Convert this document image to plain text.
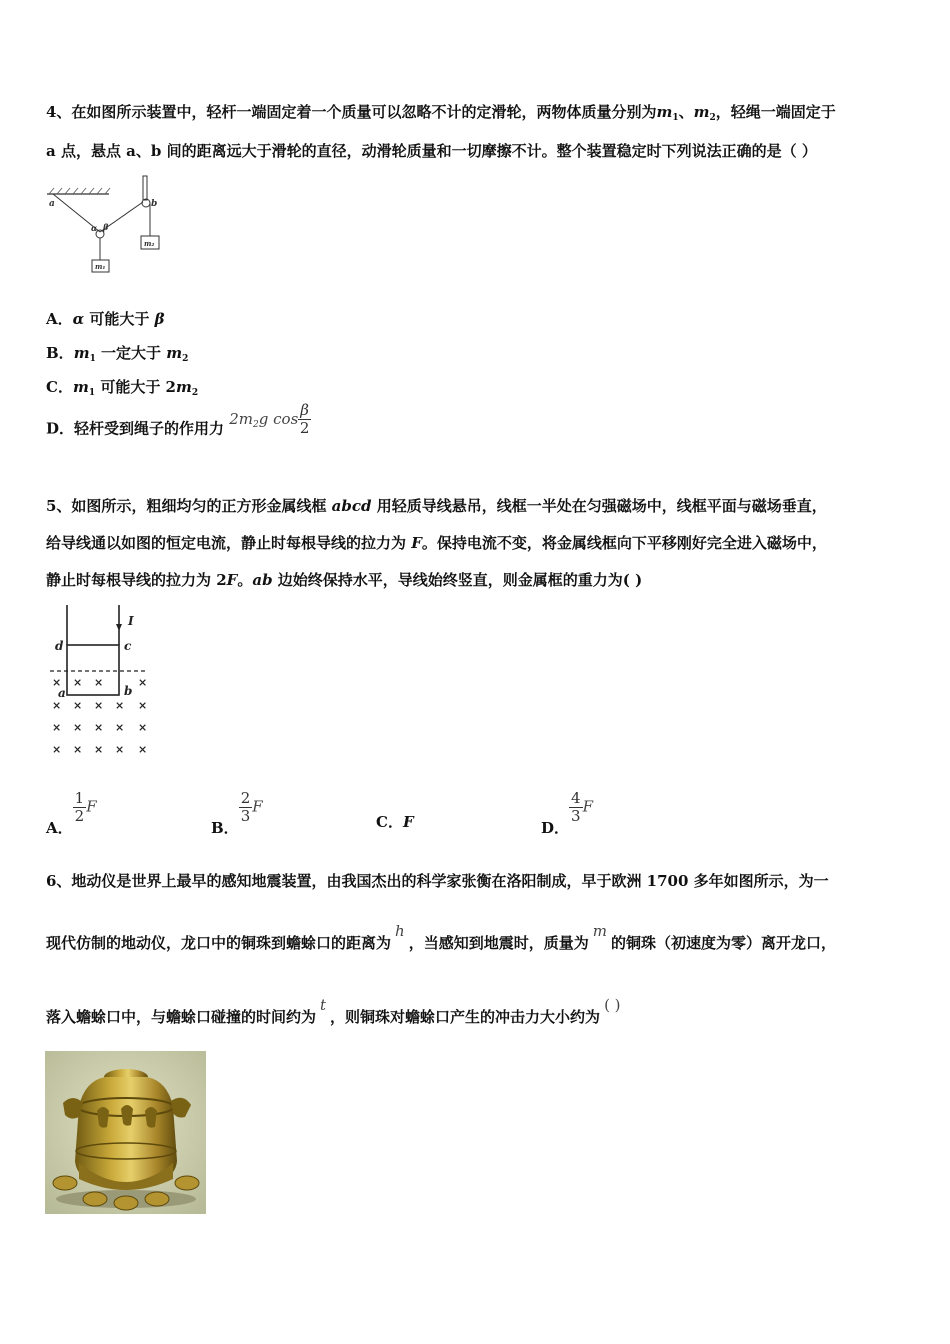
4、在如图所示装置中，轻杆一端固定着一个质量可以忽略不计的定滑轮，两物体质量分别为$m_1$、$m_2$，轻绳一端固定于
a 点，悬点 a、b 间的距离远大于滑轮的直径，动滑轮质量和一切摩擦不计。整个装置稳定时下列说法正确的是（ ）
a	b
α β
m₁
m₂
A．α 可能大于 β
B．$m_1$ 一定大于 $m_2$
C．$m_1$ 可能大于 $2m_2$
D．轻杆受到绳子的作用力 $2m_2g$ $\cos \frac{\beta}{2}$
5、如图所示，粗细均匀的正方形金属线框 abcd 用轻质导线悬吊，线框一半处在匀强磁场中，线框平面与磁场垂直，
给导线通以如图的恒定电流，静止时每根导线的拉力为 F。保持电流不变，将金属线框向下平移刚好完全进入磁场中，
静止时每根导线的拉力为 2F。ab 边始终保持水平，导线始终竖直，则金属框的重力为( )
I
d	c
a	b
× × ×	×
× × × × ×
× × × × ×
× × × × ×
A．
$\frac{1}{2}$ F
B．
$\frac{2}{3}$ F
C．F	D．
$\frac{4}{3}$ F
6、地动仪是世界上最早的感知地震装置，由我国杰出的科学家张衡在洛阳制成，早于欧洲 1700 多年如图所示，为一
现代仿制的地动仪，龙口中的铜珠到蟾蜍口的距离为h，当感知到地震时，质量为m的铜珠（初速度为零）离开龙口，
落入蟾蜍口中，与蟾蜍口碰撞的时间约为t，则铜珠对蟾蜍口产生的冲击力大小约为( )
